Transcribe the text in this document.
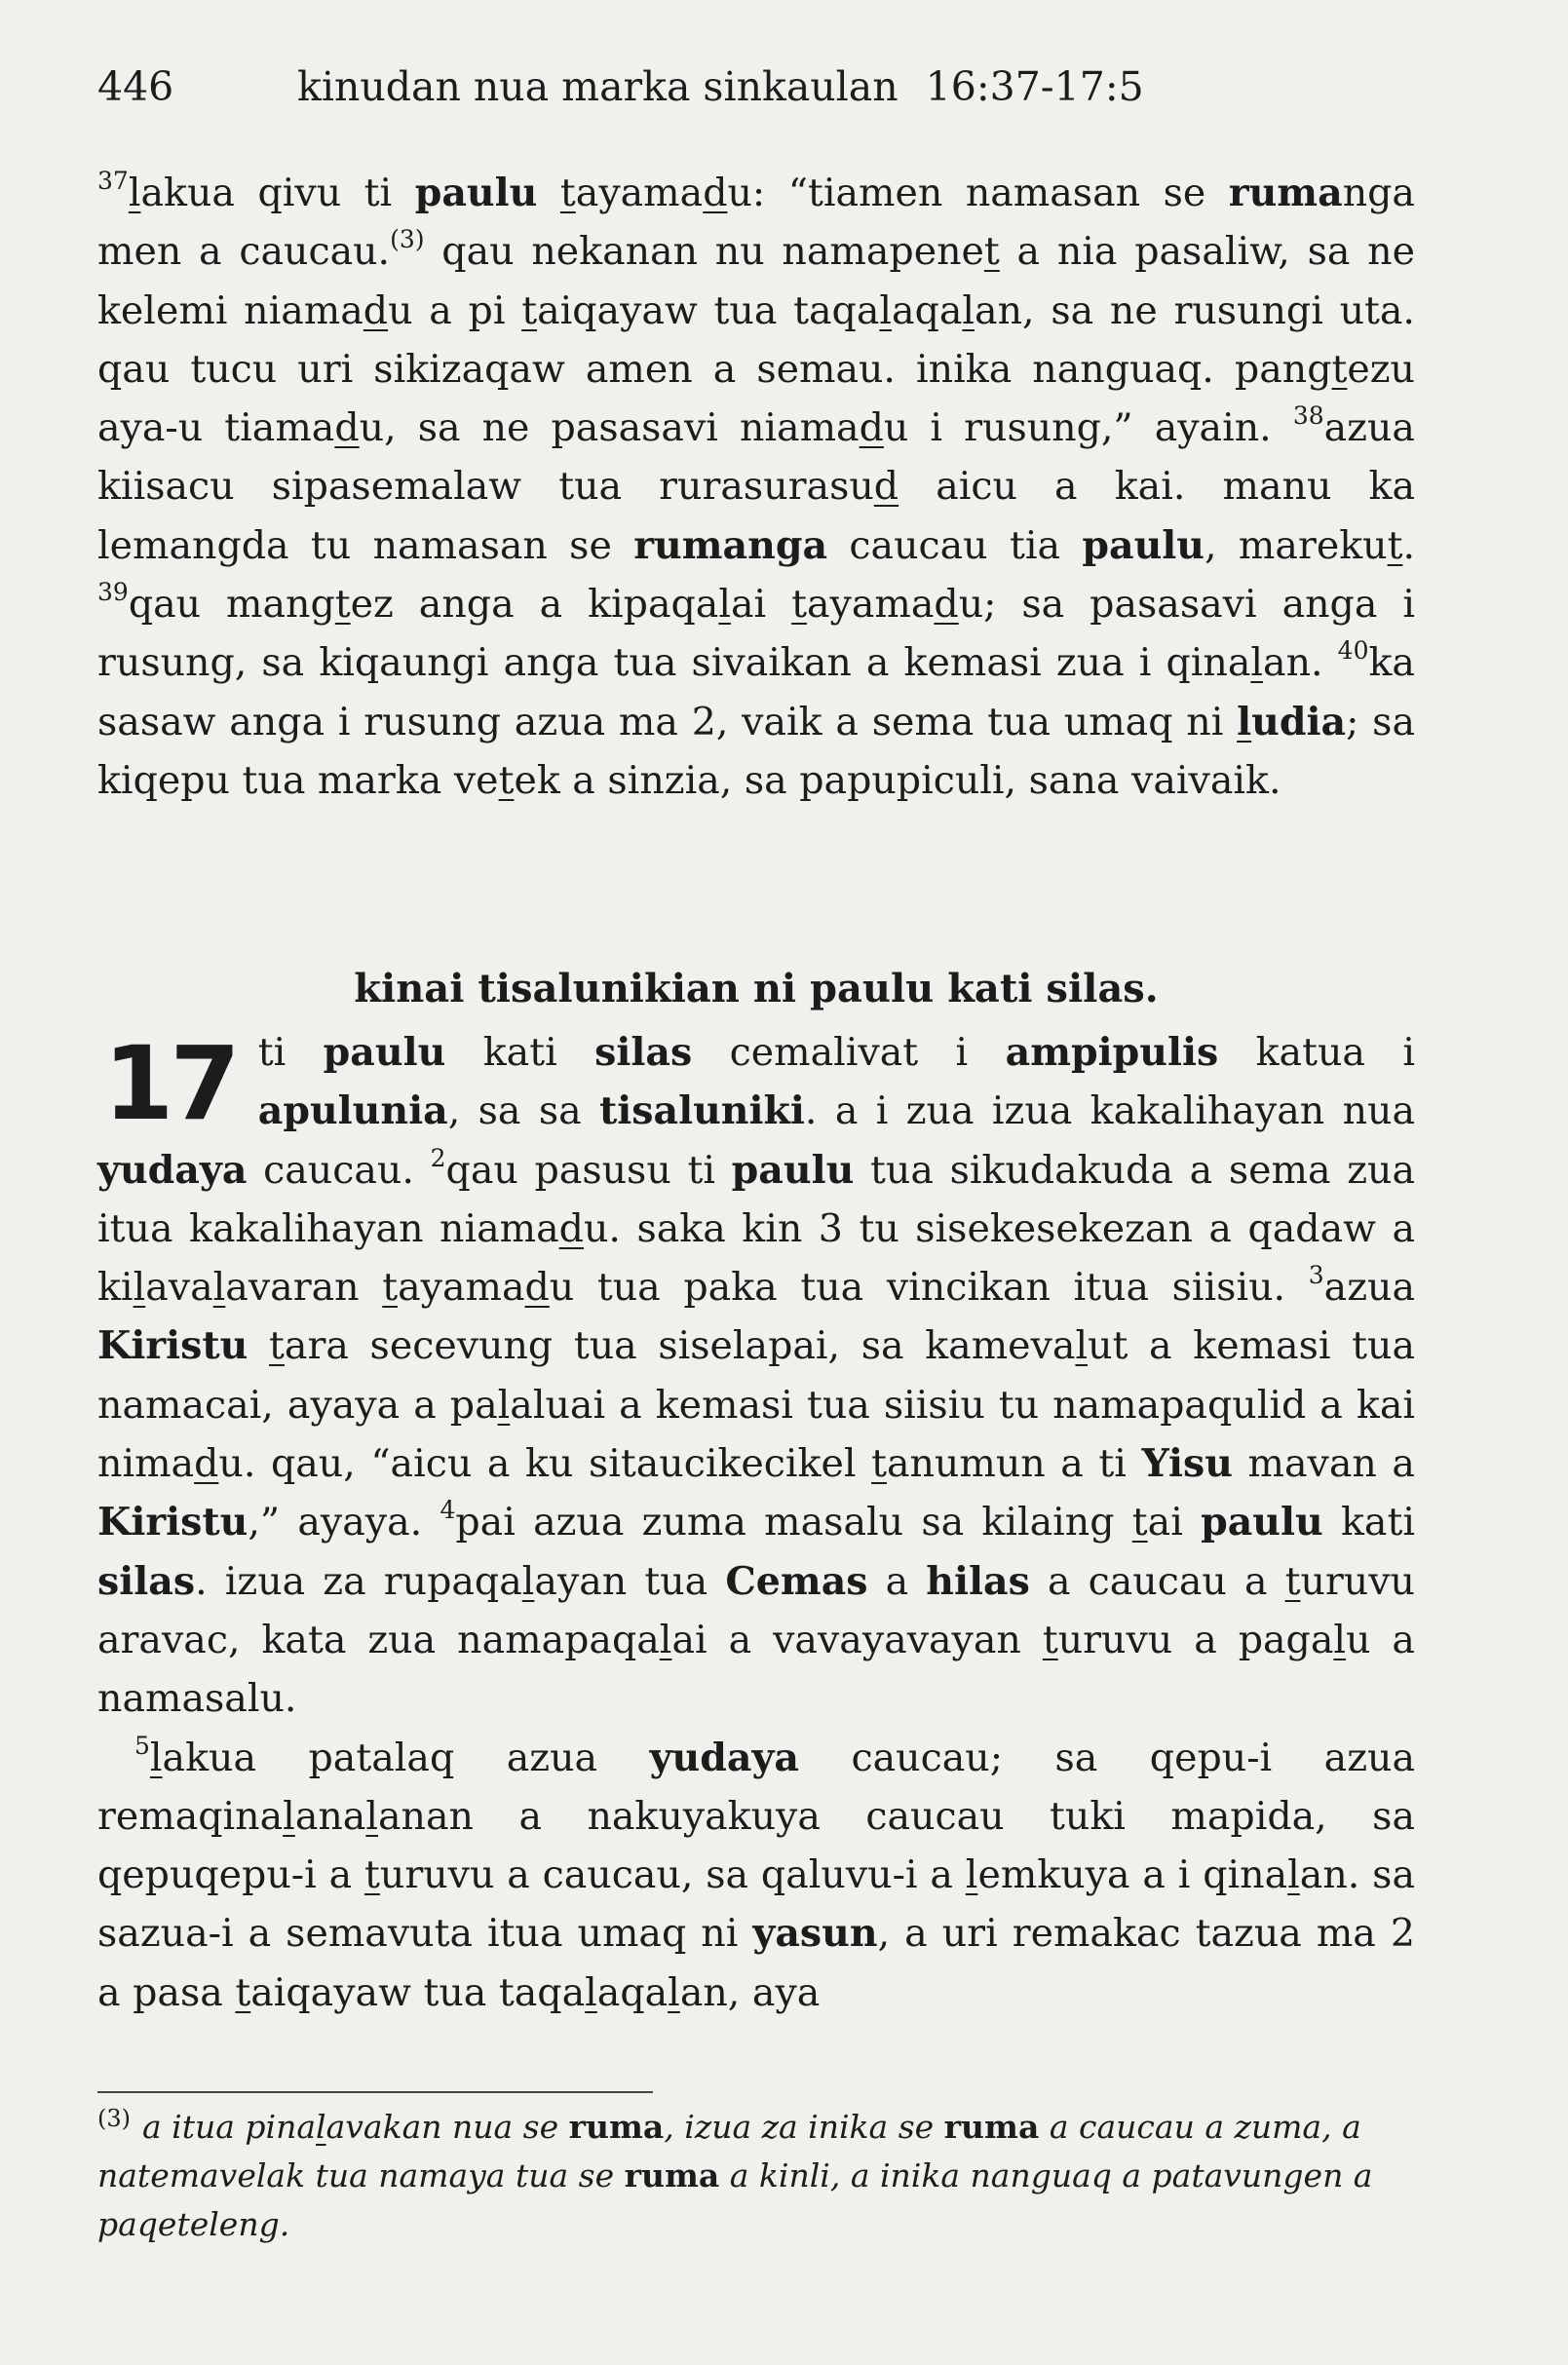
446	kinudan nua marka sinkaulan 16:37-17:5

$^{37}$lakua qivu ti paulu tayamadu: “tiamen namasan se rumanga men a caucau.$^{(3)}$ qau nekanan nu namapenet a nia pasaliw, sa ne kelemi niamadu a pi taiqayaw tua taqalaqalan, sa ne rusungi uta. qau tucu uri sikizaqaw amen a semau. inika nanguaq. pangtezu aya-u tiamadu, sa ne pasasavi niamadu i rusung,” ayain. $^{38}$azua kiisacu sipasemalaw tua rurasurasud aicu a kai. manu ka lemangda tu namasan se rumanga caucau tia paulu, marekut. $^{39}$qau mangtez anga a kipaqalai tayamadu; sa pasasavi anga i rusung, sa kiqaungi anga tua sivaikan a kemasi zua i qinalan. $^{40}$ka sasaw anga i rusung azua ma 2, vaik a sema tua umaq ni ludia; sa kiqepu tua marka vetek a sinzia, sa papupiculi, sana vaivaik.

kinai tisalunikian ni paulu kati silas.

17 ti paulu kati silas cemalivat i ampipulis katua i apulunia, sa sa tisaluniki. a i zua izua kakalihayan nua yudaya caucau. $^2$qau pasusu ti paulu tua sikudakuda a sema zua itua kakalihayan niamadu. saka kin 3 tu sisekesekezan a qadaw a kilavalavaran tayamadu tua paka tua vincikan itua siisiu. $^3$azua Kiristu tara secevung tua siselapai, sa kamevalut a kemasi tua namacai, ayaya a palaluai a kemasi tua siisiu tu namapaqulid a kai nimadu. qau, “aicu a ku sitaucikecikel tanumun a ti Yisu mavan a Kiristu,” ayaya. $^4$pai azua zuma masalu sa kilaing tai paulu kati silas. izua za rupaqalayan tua Cemas a hilas a caucau a turuvu aravac, kata zua namapaqalai a vavayavayan turuvu a pagalu a namasalu.

$^5$lakua patalaq azua yudaya caucau; sa qepu-i azua remaqinalanalanan a nakuyakuya caucau tuki mapida, sa qepuqepu-i a turuvu a caucau, sa qaluvu-i a lemkuya a i qinalan. sa sazua-i a semavuta itua umaq ni yasun, a uri remakac tazua ma 2 a pasa taiqayaw tua taqalaqalan, aya

$^{(3)}$ a itua pinalavakan nua se ruma, izua za inika se ruma a caucau a zuma, a natemavelak tua namaya tua se ruma a kinli, a inika nanguaq a patavungen a paqeteleng.
